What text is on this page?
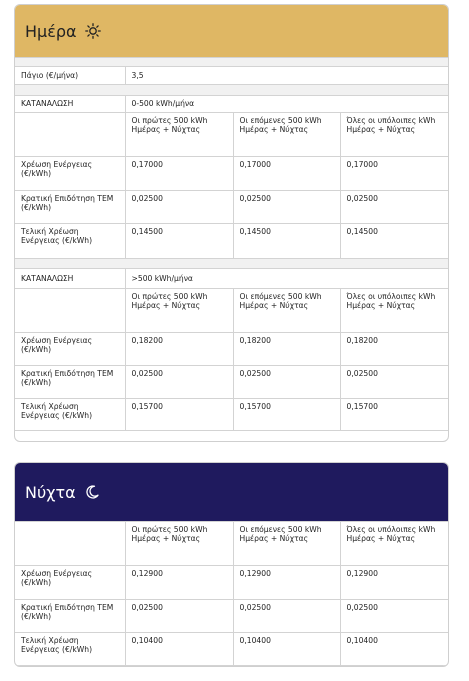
Ημέρα

Πάγιο (€/μήνα)	3,5		

ΚΑΤΑΝΑΛΩΣΗ	0-500 kWh/μήνα		
	Οι πρώτες 500 kWh Ημέρας + Νύχτας	Οι επόμενες 500 kWh Ημέρας + Νύχτας	Όλες οι υπόλοιπες kWh Ημέρας + Νύχτας
Χρέωση Ενέργειας (€/kWh)	0,17000	0,17000	0,17000
Κρατική Επιδότηση ΤΕΜ (€/kWh)	0,02500	0,02500	0,02500
Τελική Χρέωση Ενέργειας (€/kWh)	0,14500	0,14500	0,14500

ΚΑΤΑΝΑΛΩΣΗ	>500 kWh/μήνα		
	Οι πρώτες 500 kWh Ημέρας + Νύχτας	Οι επόμενες 500 kWh Ημέρας + Νύχτας	Όλες οι υπόλοιπες kWh Ημέρας + Νύχτας
Χρέωση Ενέργειας (€/kWh)	0,18200	0,18200	0,18200
Κρατική Επιδότηση ΤΕΜ (€/kWh)	0,02500	0,02500	0,02500
Τελική Χρέωση Ενέργειας (€/kWh)	0,15700	0,15700	0,15700
Νύχτα
	Οι πρώτες 500 kWh Ημέρας + Νύχτας	Οι επόμενες 500 kWh Ημέρας + Νύχτας	Όλες οι υπόλοιπες kWh Ημέρας + Νύχτας
Χρέωση Ενέργειας (€/kWh)	0,12900	0,12900	0,12900
Κρατική Επιδότηση ΤΕΜ (€/kWh)	0,02500	0,02500	0,02500
Τελική Χρέωση Ενέργειας (€/kWh)	0,10400	0,10400	0,10400
